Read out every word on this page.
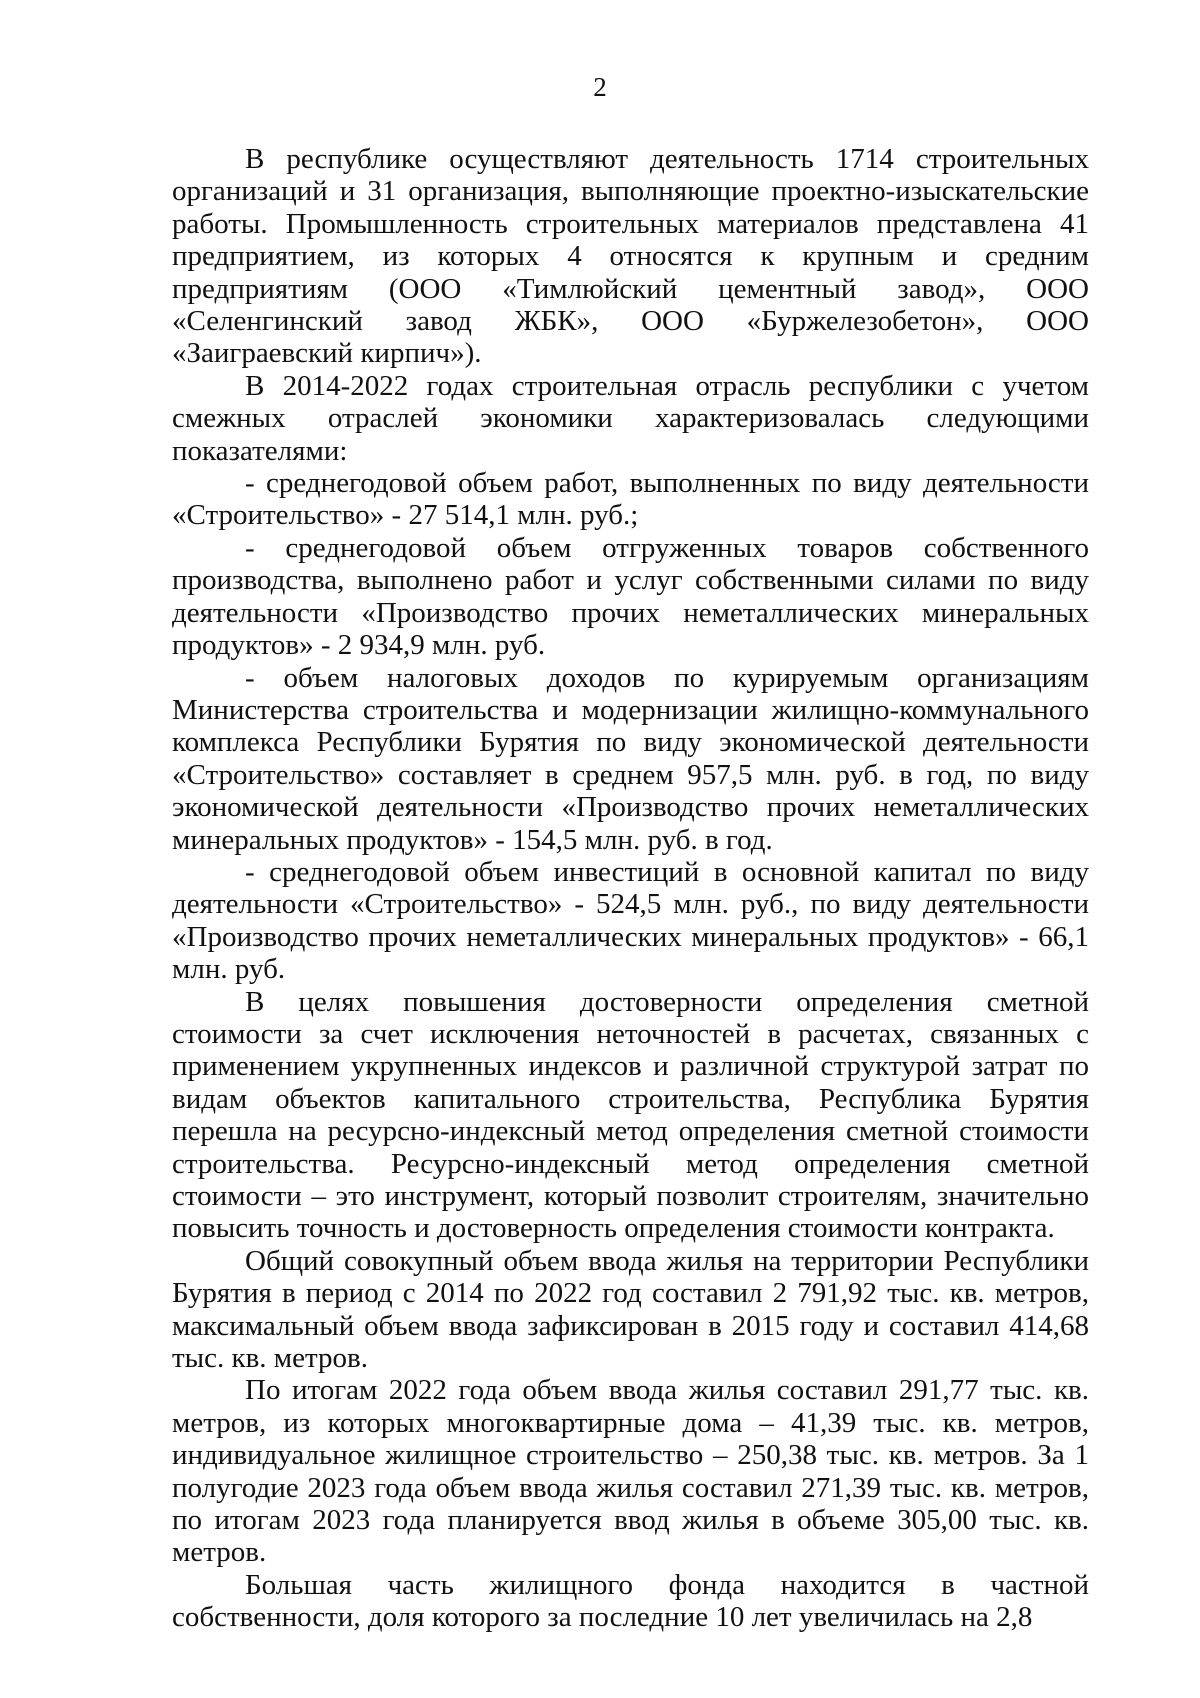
2

В республике осуществляют деятельность 1714 строительных организаций и 31 организация, выполняющие проектно-изыскательские работы. Промышленность строительных материалов представлена 41 предприятием, из которых 4 относятся к крупным и средним предприятиям (ООО «Тимлюйский цементный завод», ООО «Селенгинский завод ЖБК», ООО «Буржелезобетон», ООО «Заиграевский кирпич»).

В 2014-2022 годах строительная отрасль республики с учетом смежных отраслей экономики характеризовалась следующими показателями:

- среднегодовой объем работ, выполненных по виду деятельности «Строительство» - 27 514,1 млн. руб.;

- среднегодовой объем отгруженных товаров собственного производства, выполнено работ и услуг собственными силами по виду деятельности «Производство прочих неметаллических минеральных продуктов» - 2 934,9 млн. руб.

- объем налоговых доходов по курируемым организациям Министерства строительства и модернизации жилищно-коммунального комплекса Республики Бурятия по виду экономической деятельности «Строительство» составляет в среднем 957,5 млн. руб. в год, по виду экономической деятельности «Производство прочих неметаллических минеральных продуктов» - 154,5 млн. руб. в год.

- среднегодовой объем инвестиций в основной капитал по виду деятельности «Строительство» - 524,5 млн. руб., по виду деятельности «Производство прочих неметаллических минеральных продуктов» - 66,1 млн. руб.

В целях повышения достоверности определения сметной стоимости за счет исключения неточностей в расчетах, связанных с применением укрупненных индексов и различной структурой затрат по видам объектов капитального строительства, Республика Бурятия перешла на ресурсно-индексный метод определения сметной стоимости строительства. Ресурсно-индексный метод определения сметной стоимости – это инструмент, который позволит строителям, значительно повысить точность и достоверность определения стоимости контракта.

Общий совокупный объем ввода жилья на территории Республики Бурятия в период с 2014 по 2022 год составил 2 791,92 тыс. кв. метров, максимальный объем ввода зафиксирован в 2015 году и составил 414,68 тыс. кв. метров.

По итогам 2022 года объем ввода жилья составил 291,77 тыс. кв. метров, из которых многоквартирные дома – 41,39 тыс. кв. метров, индивидуальное жилищное строительство – 250,38 тыс. кв. метров. За 1 полугодие 2023 года объем ввода жилья составил 271,39 тыс. кв. метров, по итогам 2023 года планируется ввод жилья в объеме 305,00 тыс. кв. метров.

Большая часть жилищного фонда находится в частной собственности, доля которого за последние 10 лет увеличилась на 2,8
